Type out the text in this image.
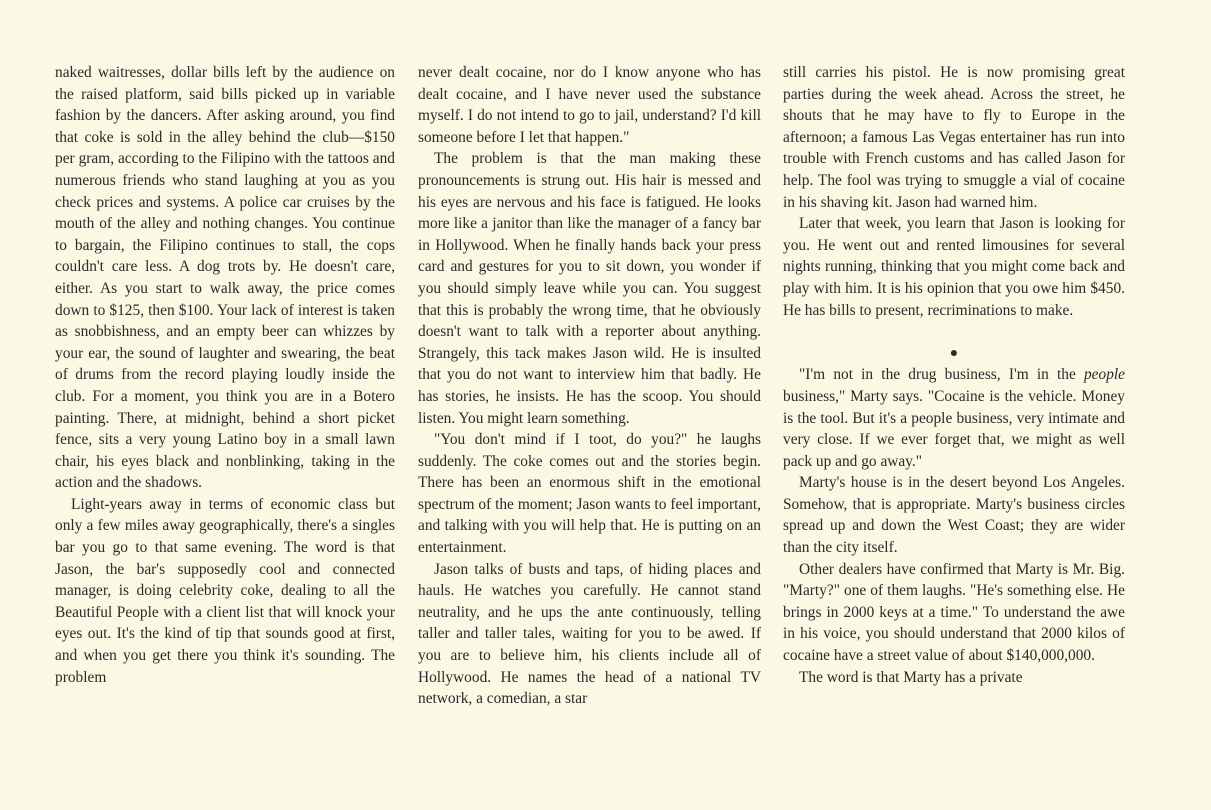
naked waitresses, dollar bills left by the audience on the raised platform, said bills picked up in variable fashion by the dancers. After asking around, you find that coke is sold in the alley behind the club—$150 per gram, according to the Filipino with the tattoos and numerous friends who stand laughing at you as you check prices and systems. A police car cruises by the mouth of the alley and nothing changes. You continue to bargain, the Filipino continues to stall, the cops couldn't care less. A dog trots by. He doesn't care, either. As you start to walk away, the price comes down to $125, then $100. Your lack of interest is taken as snobbishness, and an empty beer can whizzes by your ear, the sound of laughter and swearing, the beat of drums from the record playing loudly inside the club. For a moment, you think you are in a Botero painting. There, at midnight, behind a short picket fence, sits a very young Latino boy in a small lawn chair, his eyes black and nonblinking, taking in the action and the shadows.

Light-years away in terms of economic class but only a few miles away geographically, there's a singles bar you go to that same evening. The word is that Jason, the bar's supposedly cool and connected manager, is doing celebrity coke, dealing to all the Beautiful People with a client list that will knock your eyes out. It's the kind of tip that sounds good at first, and when you get there you think it's sounding. The problem

never dealt cocaine, nor do I know anyone who has dealt cocaine, and I have never used the substance myself. I do not intend to go to jail, understand? I'd kill someone before I let that happen."

The problem is that the man making these pronouncements is strung out. His hair is messed and his eyes are nervous and his face is fatigued. He looks more like a janitor than like the manager of a fancy bar in Hollywood. When he finally hands back your press card and gestures for you to sit down, you wonder if you should simply leave while you can. You suggest that this is probably the wrong time, that he obviously doesn't want to talk with a reporter about anything. Strangely, this tack makes Jason wild. He is insulted that you do not want to interview him that badly. He has stories, he insists. He has the scoop. You should listen. You might learn something.

"You don't mind if I toot, do you?" he laughs suddenly. The coke comes out and the stories begin. There has been an enormous shift in the emotional spectrum of the moment; Jason wants to feel important, and talking with you will help that. He is putting on an entertainment.

Jason talks of busts and taps, of hiding places and hauls. He watches you carefully. He cannot stand neutrality, and he ups the ante continuously, telling taller and taller tales, waiting for you to be awed. If you are to believe him, his clients include all of Hollywood. He names the head of a national TV network, a comedian, a star

still carries his pistol. He is now promising great parties during the week ahead. Across the street, he shouts that he may have to fly to Europe in the afternoon; a famous Las Vegas entertainer has run into trouble with French customs and has called Jason for help. The fool was trying to smuggle a vial of cocaine in his shaving kit. Jason had warned him.

Later that week, you learn that Jason is looking for you. He went out and rented limousines for several nights running, thinking that you might come back and play with him. It is his opinion that you owe him $450. He has bills to present, recriminations to make.

●

"I'm not in the drug business, I'm in the people business," Marty says. "Cocaine is the vehicle. Money is the tool. But it's a people business, very intimate and very close. If we ever forget that, we might as well pack up and go away."

Marty's house is in the desert beyond Los Angeles. Somehow, that is appropriate. Marty's business circles spread up and down the West Coast; they are wider than the city itself.

Other dealers have confirmed that Marty is Mr. Big. "Marty?" one of them laughs. "He's something else. He brings in 2000 keys at a time." To understand the awe in his voice, you should understand that 2000 kilos of cocaine have a street value of about $140,000,000.

The word is that Marty has a private
